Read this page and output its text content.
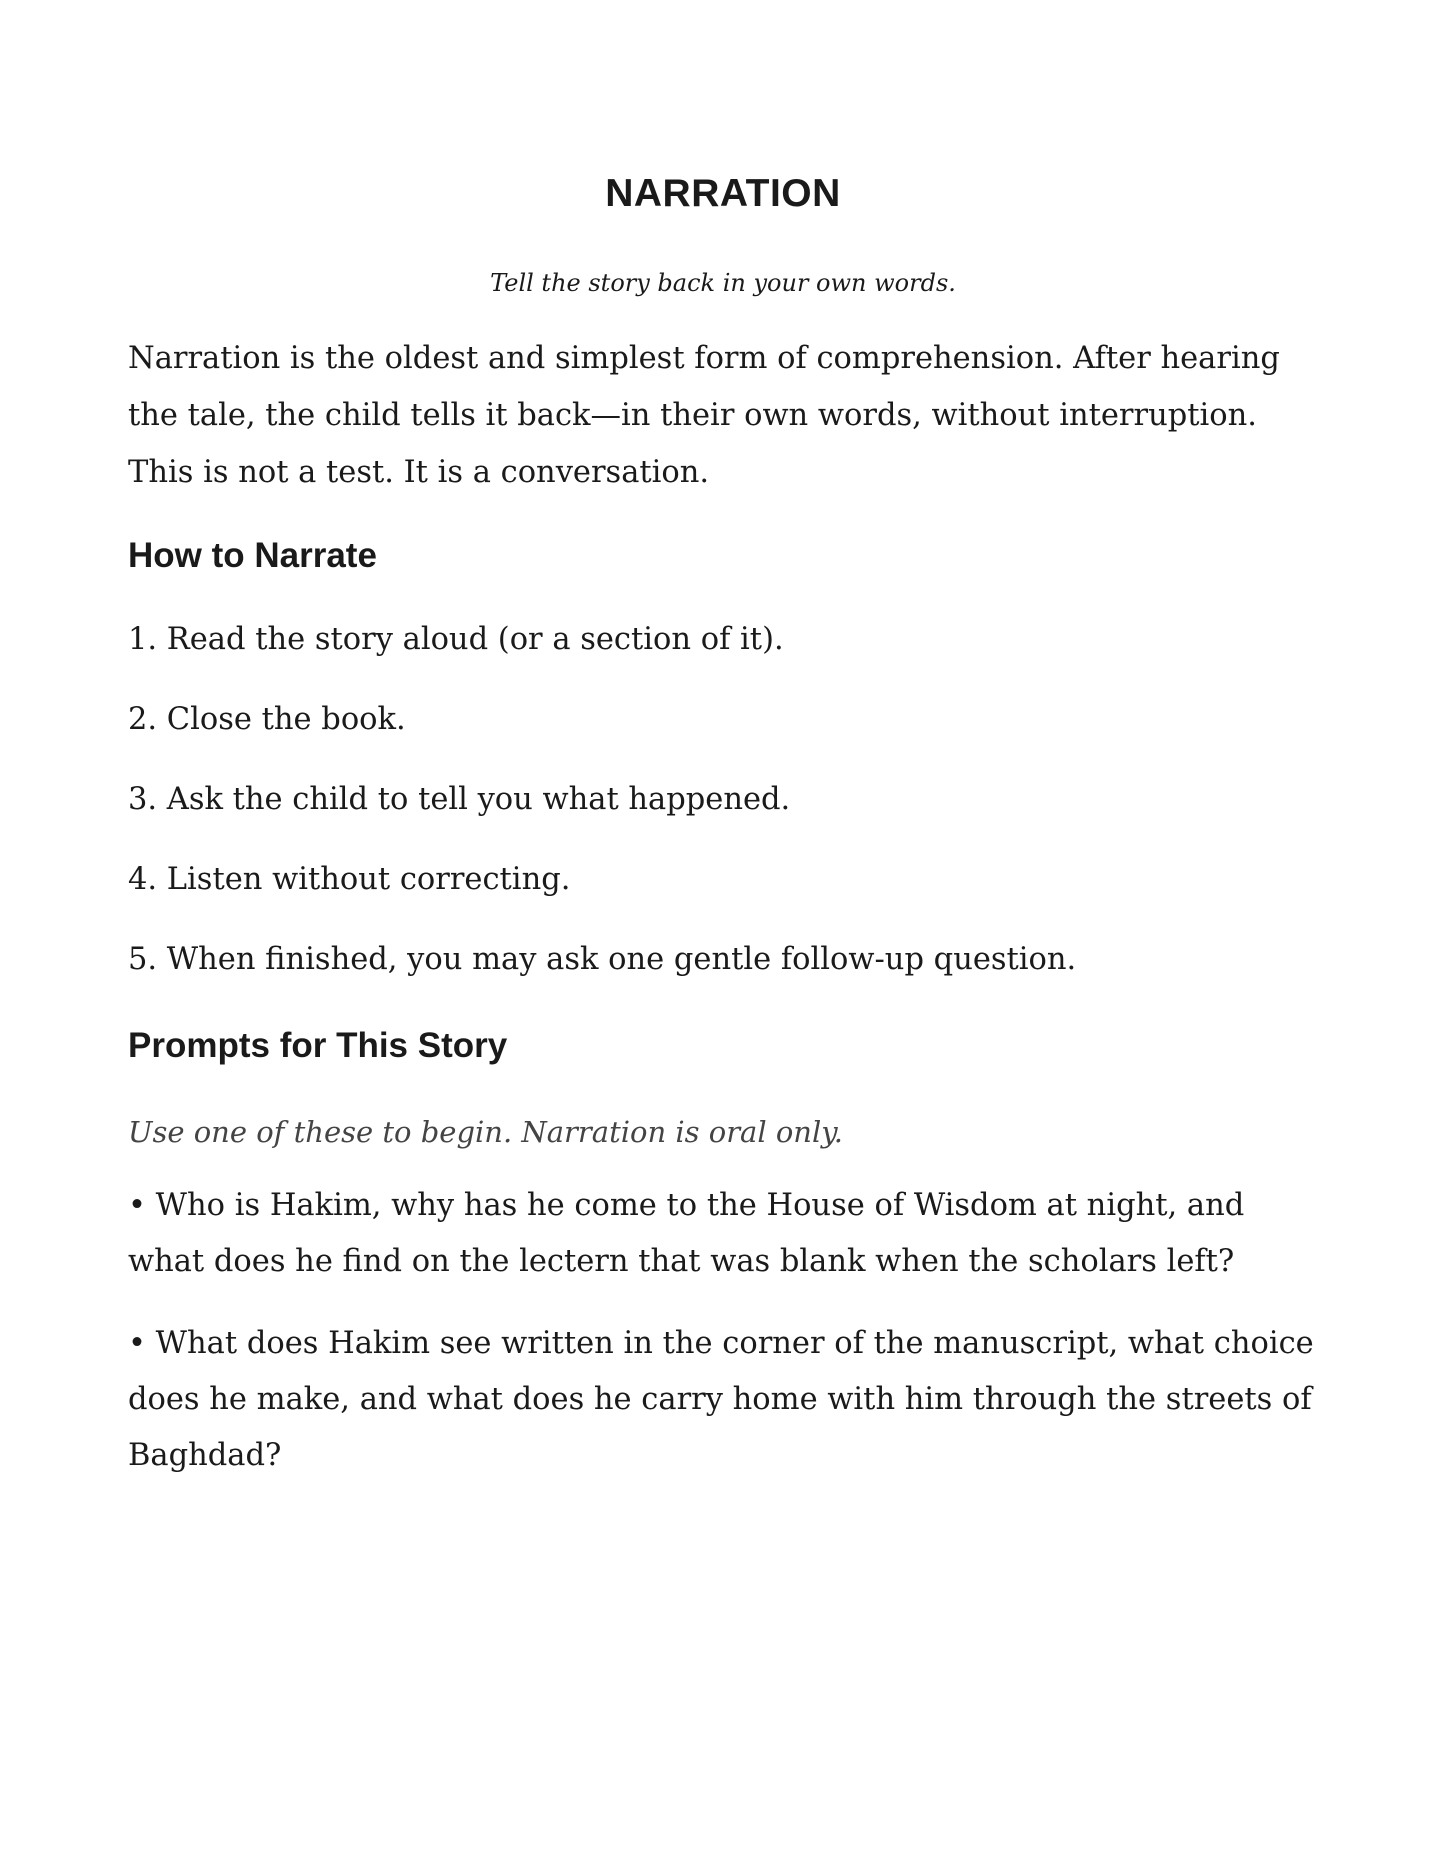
NARRATION

Tell the story back in your own words.

Narration is the oldest and simplest form of comprehension. After hearing the tale, the child tells it back—in their own words, without interruption. This is not a test. It is a conversation.

How to Narrate

1. Read the story aloud (or a section of it).

2. Close the book.

3. Ask the child to tell you what happened.

4. Listen without correcting.

5. When finished, you may ask one gentle follow-up question.

Prompts for This Story

Use one of these to begin. Narration is oral only.

• Who is Hakim, why has he come to the House of Wisdom at night, and what does he find on the lectern that was blank when the scholars left?

• What does Hakim see written in the corner of the manuscript, what choice does he make, and what does he carry home with him through the streets of Baghdad?
